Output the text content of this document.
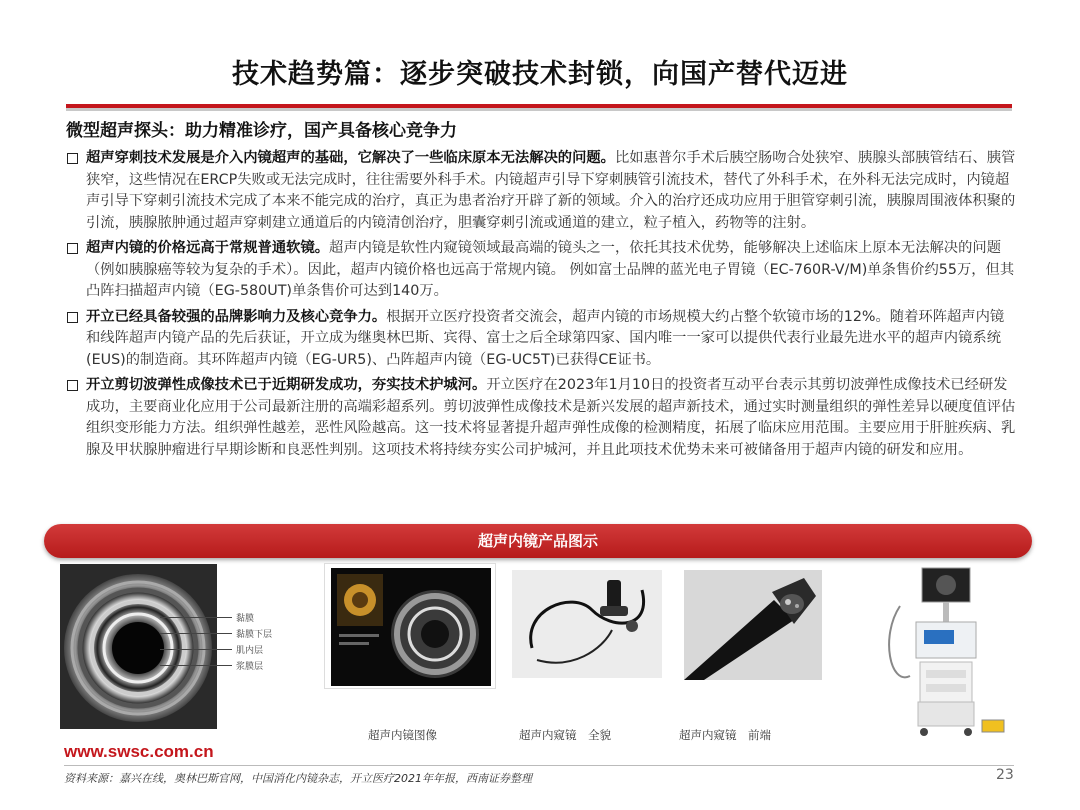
技术趋势篇：逐步突破技术封锁，向国产替代迈进
微型超声探头：助力精准诊疗，国产具备核心竞争力
超声穿刺技术发展是介入内镜超声的基础，它解决了一些临床原本无法解决的问题。比如惠普尔手术后胰空肠吻合处狭窄、胰腺头部胰管结石、胰管狭窄，这些情况在ERCP失败或无法完成时，往往需要外科手术。内镜超声引导下穿刺胰管引流技术，替代了外科手术，在外科无法完成时，内镜超声引导下穿刺引流技术完成了本来不能完成的治疗，真正为患者治疗开辟了新的领域。介入的治疗还成功应用于胆管穿刺引流，胰腺周围液体积聚的引流，胰腺脓肿通过超声穿刺建立通道后的内镜清创治疗，胆囊穿刺引流或通道的建立，粒子植入，药物等的注射。
超声内镜的价格远高于常规普通软镜。超声内镜是软性内窥镜领域最高端的镜头之一，依托其技术优势，能够解决上述临床上原本无法解决的问题（例如胰腺癌等较为复杂的手术）。因此，超声内镜价格也远高于常规内镜。 例如富士品牌的蓝光电子胃镜（EC-760R-V/M)单条售价约55万，但其凸阵扫描超声内镜（EG-580UT)单条售价可达到140万。
开立已经具备较强的品牌影响力及核心竞争力。根据开立医疗投资者交流会，超声内镜的市场规模大约占整个软镜市场的12%。随着环阵超声内镜和线阵超声内镜产品的先后获证，开立成为继奥林巴斯、宾得、富士之后全球第四家、国内唯一一家可以提供代表行业最先进水平的超声内镜系统(EUS)的制造商。其环阵超声内镜（EG-UR5)、凸阵超声内镜（EG-UC5T)已获得CE证书。
开立剪切波弹性成像技术已于近期研发成功，夯实技术护城河。开立医疗在2023年1月10日的投资者互动平台表示其剪切波弹性成像技术已经研发成功，主要商业化应用于公司最新注册的高端彩超系列。剪切波弹性成像技术是新兴发展的超声新技术，通过实时测量组织的弹性差异以硬度值评估组织变形能力方法。组织弹性越差，恶性风险越高。这一技术将显著提升超声弹性成像的检测精度，拓展了临床应用范围。主要应用于肝脏疾病、乳腺及甲状腺肿瘤进行早期诊断和良恶性判别。这项技术将持续夯实公司护城河，并且此项技术优势未来可被储备用于超声内镜的研发和应用。
超声内镜产品图示
黏膜
黏膜下层
肌内层
浆膜层
超声内镜图像	超声内窥镜　全貌	超声内窥镜　前端
www.swsc.com.cn
资料来源：嘉兴在线，奥林巴斯官网，中国消化内镜杂志，开立医疗2021年年报，西南证券整理	23
